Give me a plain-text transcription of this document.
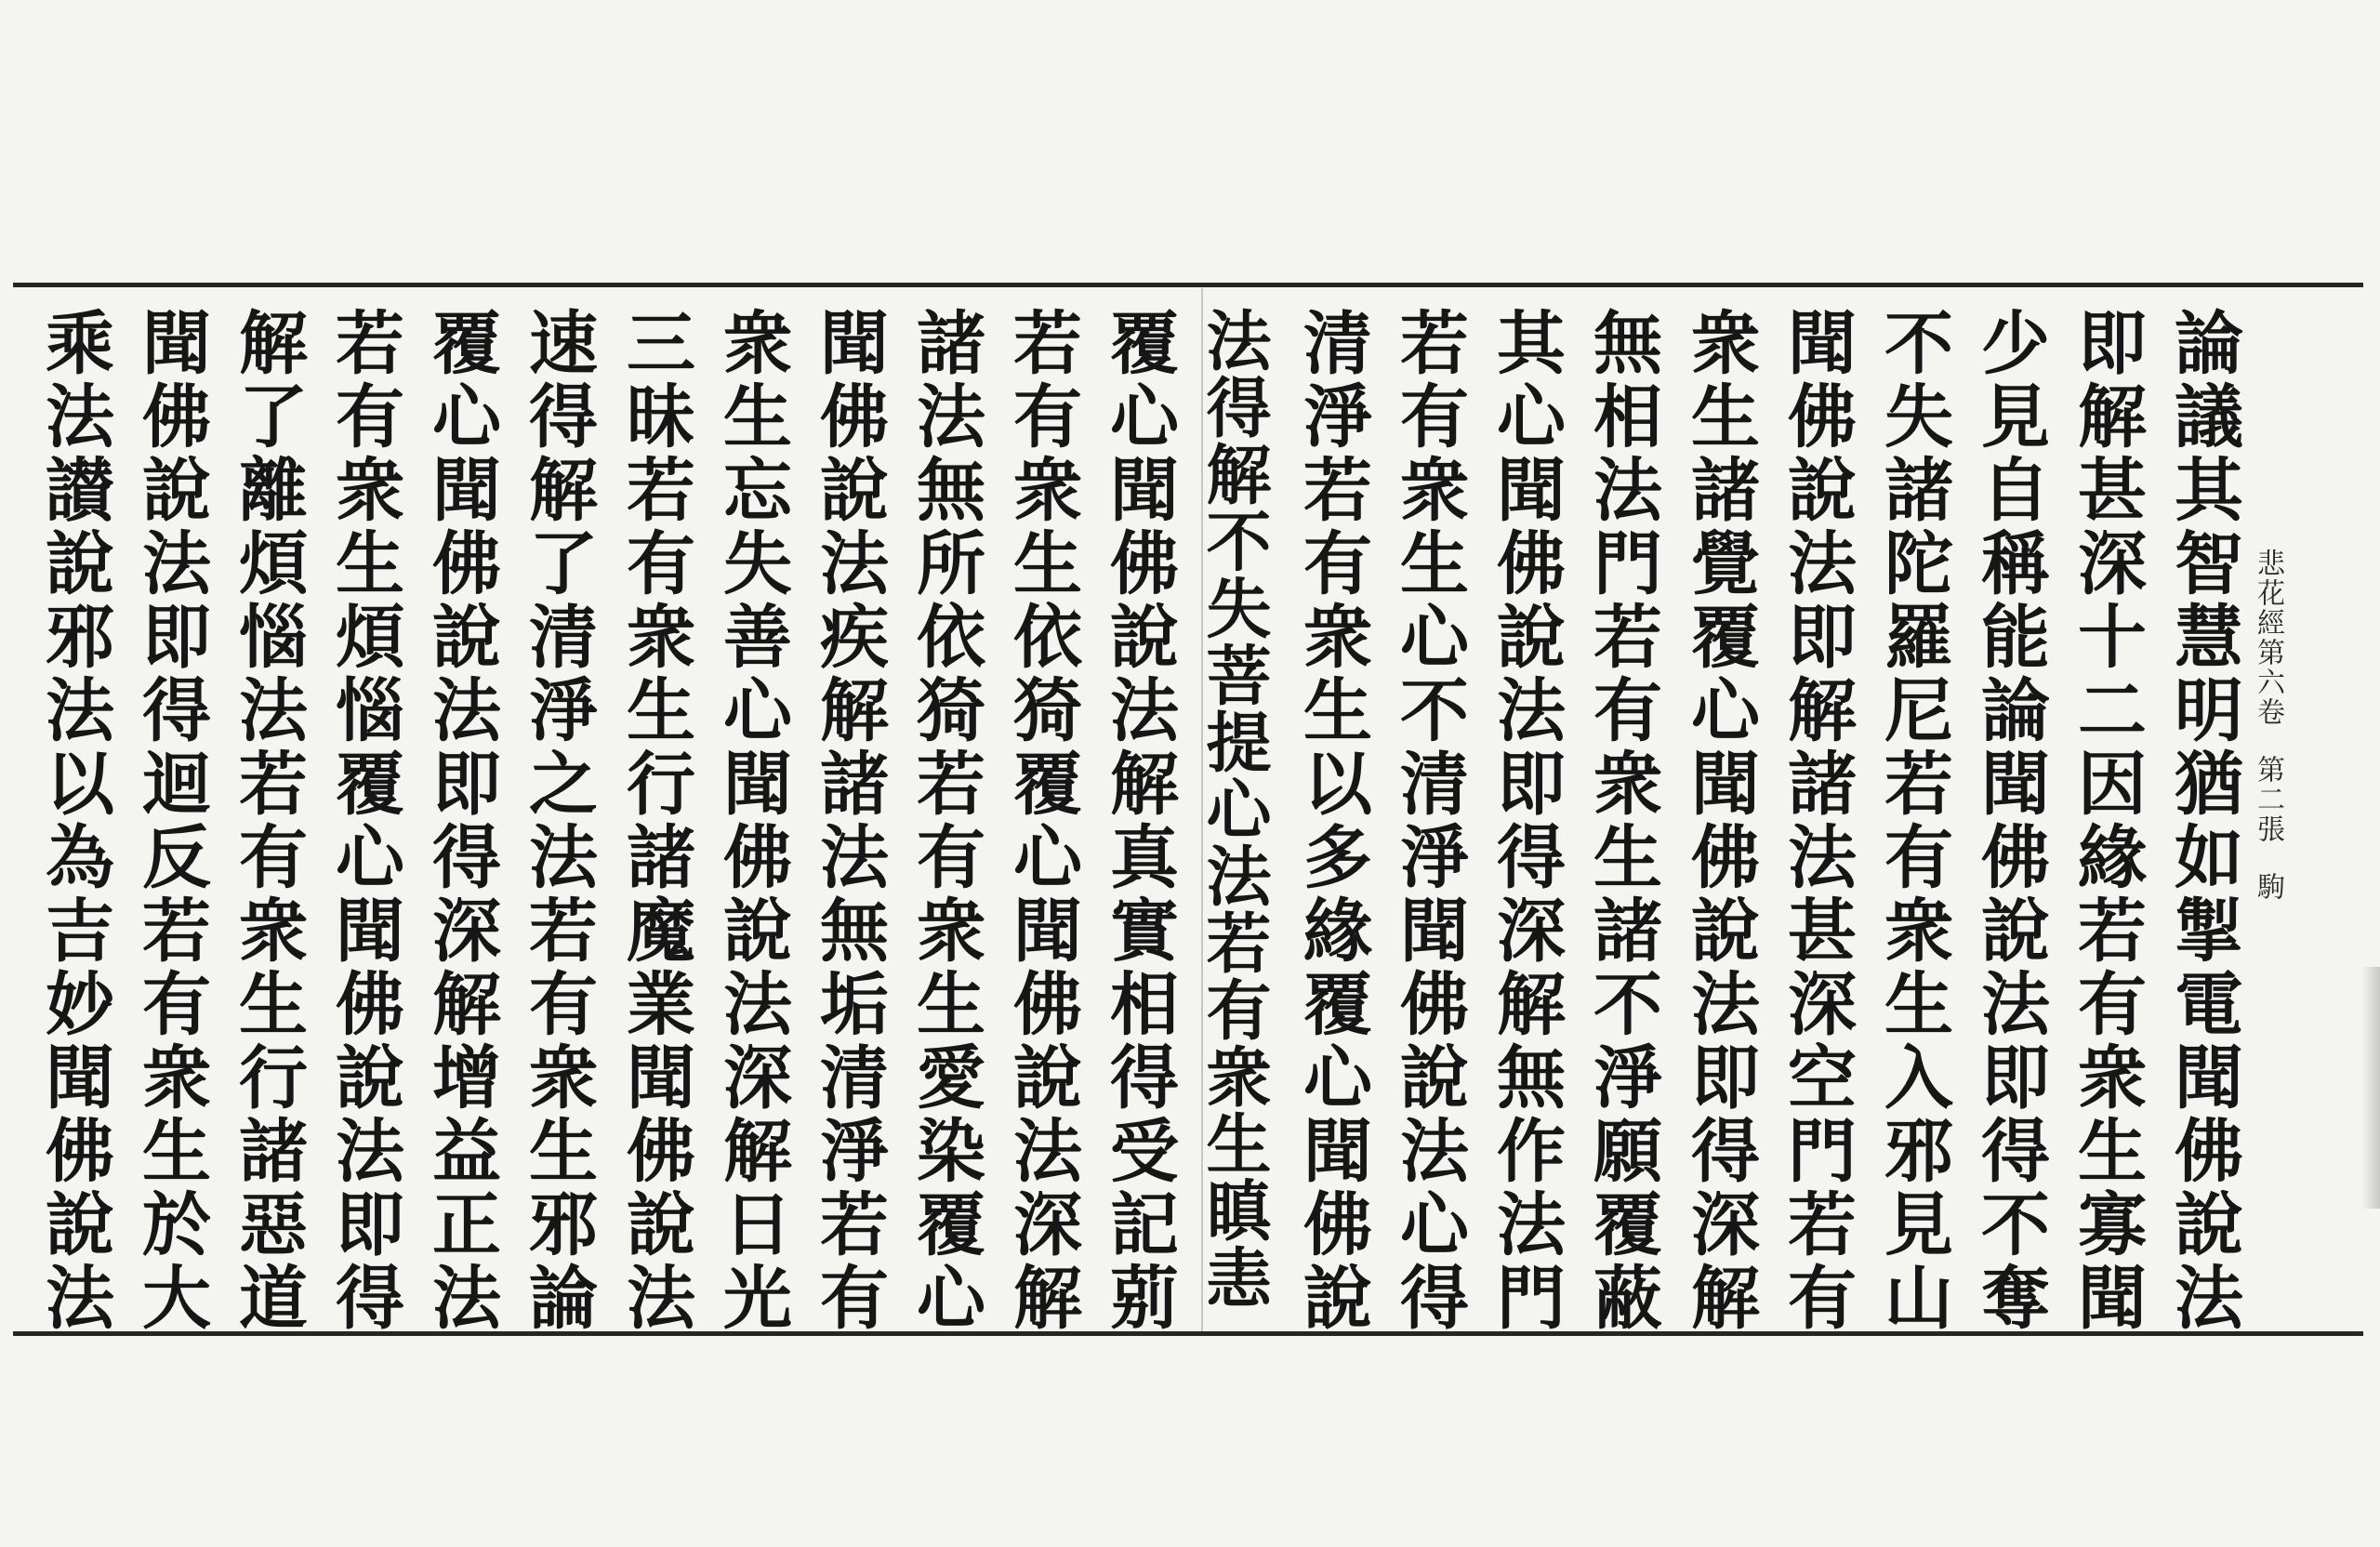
悲花經第六卷第二張駒
論議其智慧明猶如掣電聞佛說法
即解甚深十二因緣若有衆生寡聞
少見自稱能論聞佛說法即得不奪
不失諸陀羅尼若有衆生入邪見山
聞佛說法即解諸法甚深空門若有
衆生諸覺覆心聞佛說法即得深解
無相法門若有衆生諸不淨願覆蔽
其心聞佛說法即得深解無作法門
若有衆生心不清淨聞佛說法心得
清淨若有衆生以多緣覆心聞佛說
法得解不失菩提心法若有衆生瞋恚
覆心聞佛說法解真實相得受記莂
若有衆生依猗覆心聞佛說法深解
諸法無所依猗若有衆生愛染覆心
聞佛說法疾解諸法無垢清淨若有
衆生忘失善心聞佛說法深解日光
三昧若有衆生行諸魔業聞佛說法
速得解了清淨之法若有衆生邪論
覆心聞佛說法即得深解增益正法
若有衆生煩惱覆心聞佛說法即得
解了離煩惱法若有衆生行諸惡道
聞佛說法即得迴反若有衆生於大
乘法讃說邪法以為吉妙聞佛說法
